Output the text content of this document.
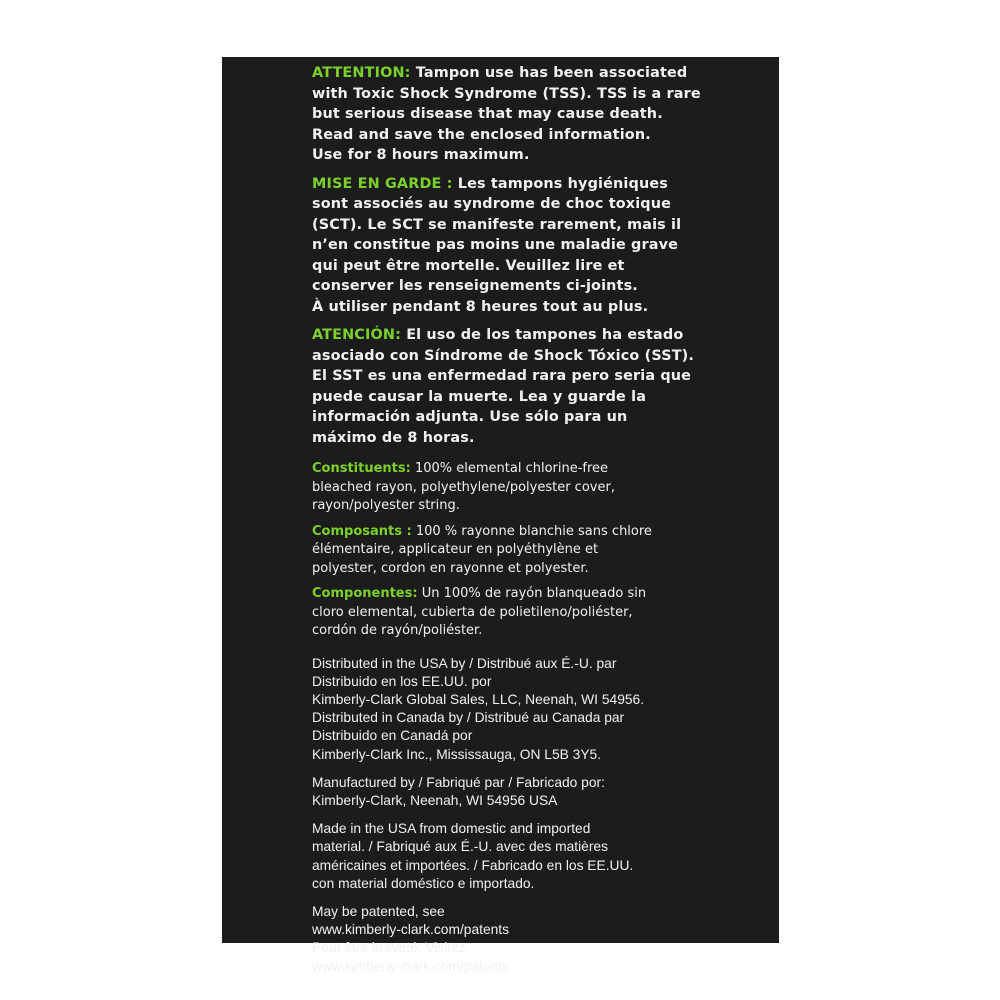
ATTENTION: Tampon use has been associated
with Toxic Shock Syndrome (TSS). TSS is a rare
but serious disease that may cause death.
Read and save the enclosed information.
Use for 8 hours maximum.
MISE EN GARDE : Les tampons hygiéniques
sont associés au syndrome de choc toxique
(SCT). Le SCT se manifeste rarement, mais il
n’en constitue pas moins une maladie grave
qui peut être mortelle. Veuillez lire et
conserver les renseignements ci-joints.
À utiliser pendant 8 heures tout au plus.
ATENCIÓN: El uso de los tampones ha estado
asociado con Síndrome de Shock Tóxico (SST).
El SST es una enfermedad rara pero seria que
puede causar la muerte. Lea y guarde la
información adjunta. Use sólo para un
máximo de 8 horas.
Constituents: 100% elemental chlorine-free
bleached rayon, polyethylene/polyester cover,
rayon/polyester string.
Composants : 100 % rayonne blanchie sans chlore
élémentaire, applicateur en polyéthylène et
polyester, cordon en rayonne et polyester.
Componentes: Un 100% de rayón blanqueado sin
cloro elemental, cubierta de polietileno/poliéster,
cordón de rayón/poliéster.
Distributed in the USA by / Distribué aux É.-U. par
Distribuido en los EE.UU. por
Kimberly-Clark Global Sales, LLC, Neenah, WI 54956.
Distributed in Canada by / Distribué au Canada par
Distribuido en Canadá por
Kimberly-Clark Inc., Mississauga, ON L5B 3Y5.
Manufactured by / Fabriqué par / Fabricado por:
Kimberly-Clark, Neenah, WI 54956 USA
Made in the USA from domestic and imported
material. / Fabriqué aux É.-U. avec des matières
américaines et importées. / Fabricado en los EE.UU.
con material doméstico e importado.
May be patented, see
www.kimberly-clark.com/patents
Peut être breveté. Visitez
www.kimberly-clark.com/patents
